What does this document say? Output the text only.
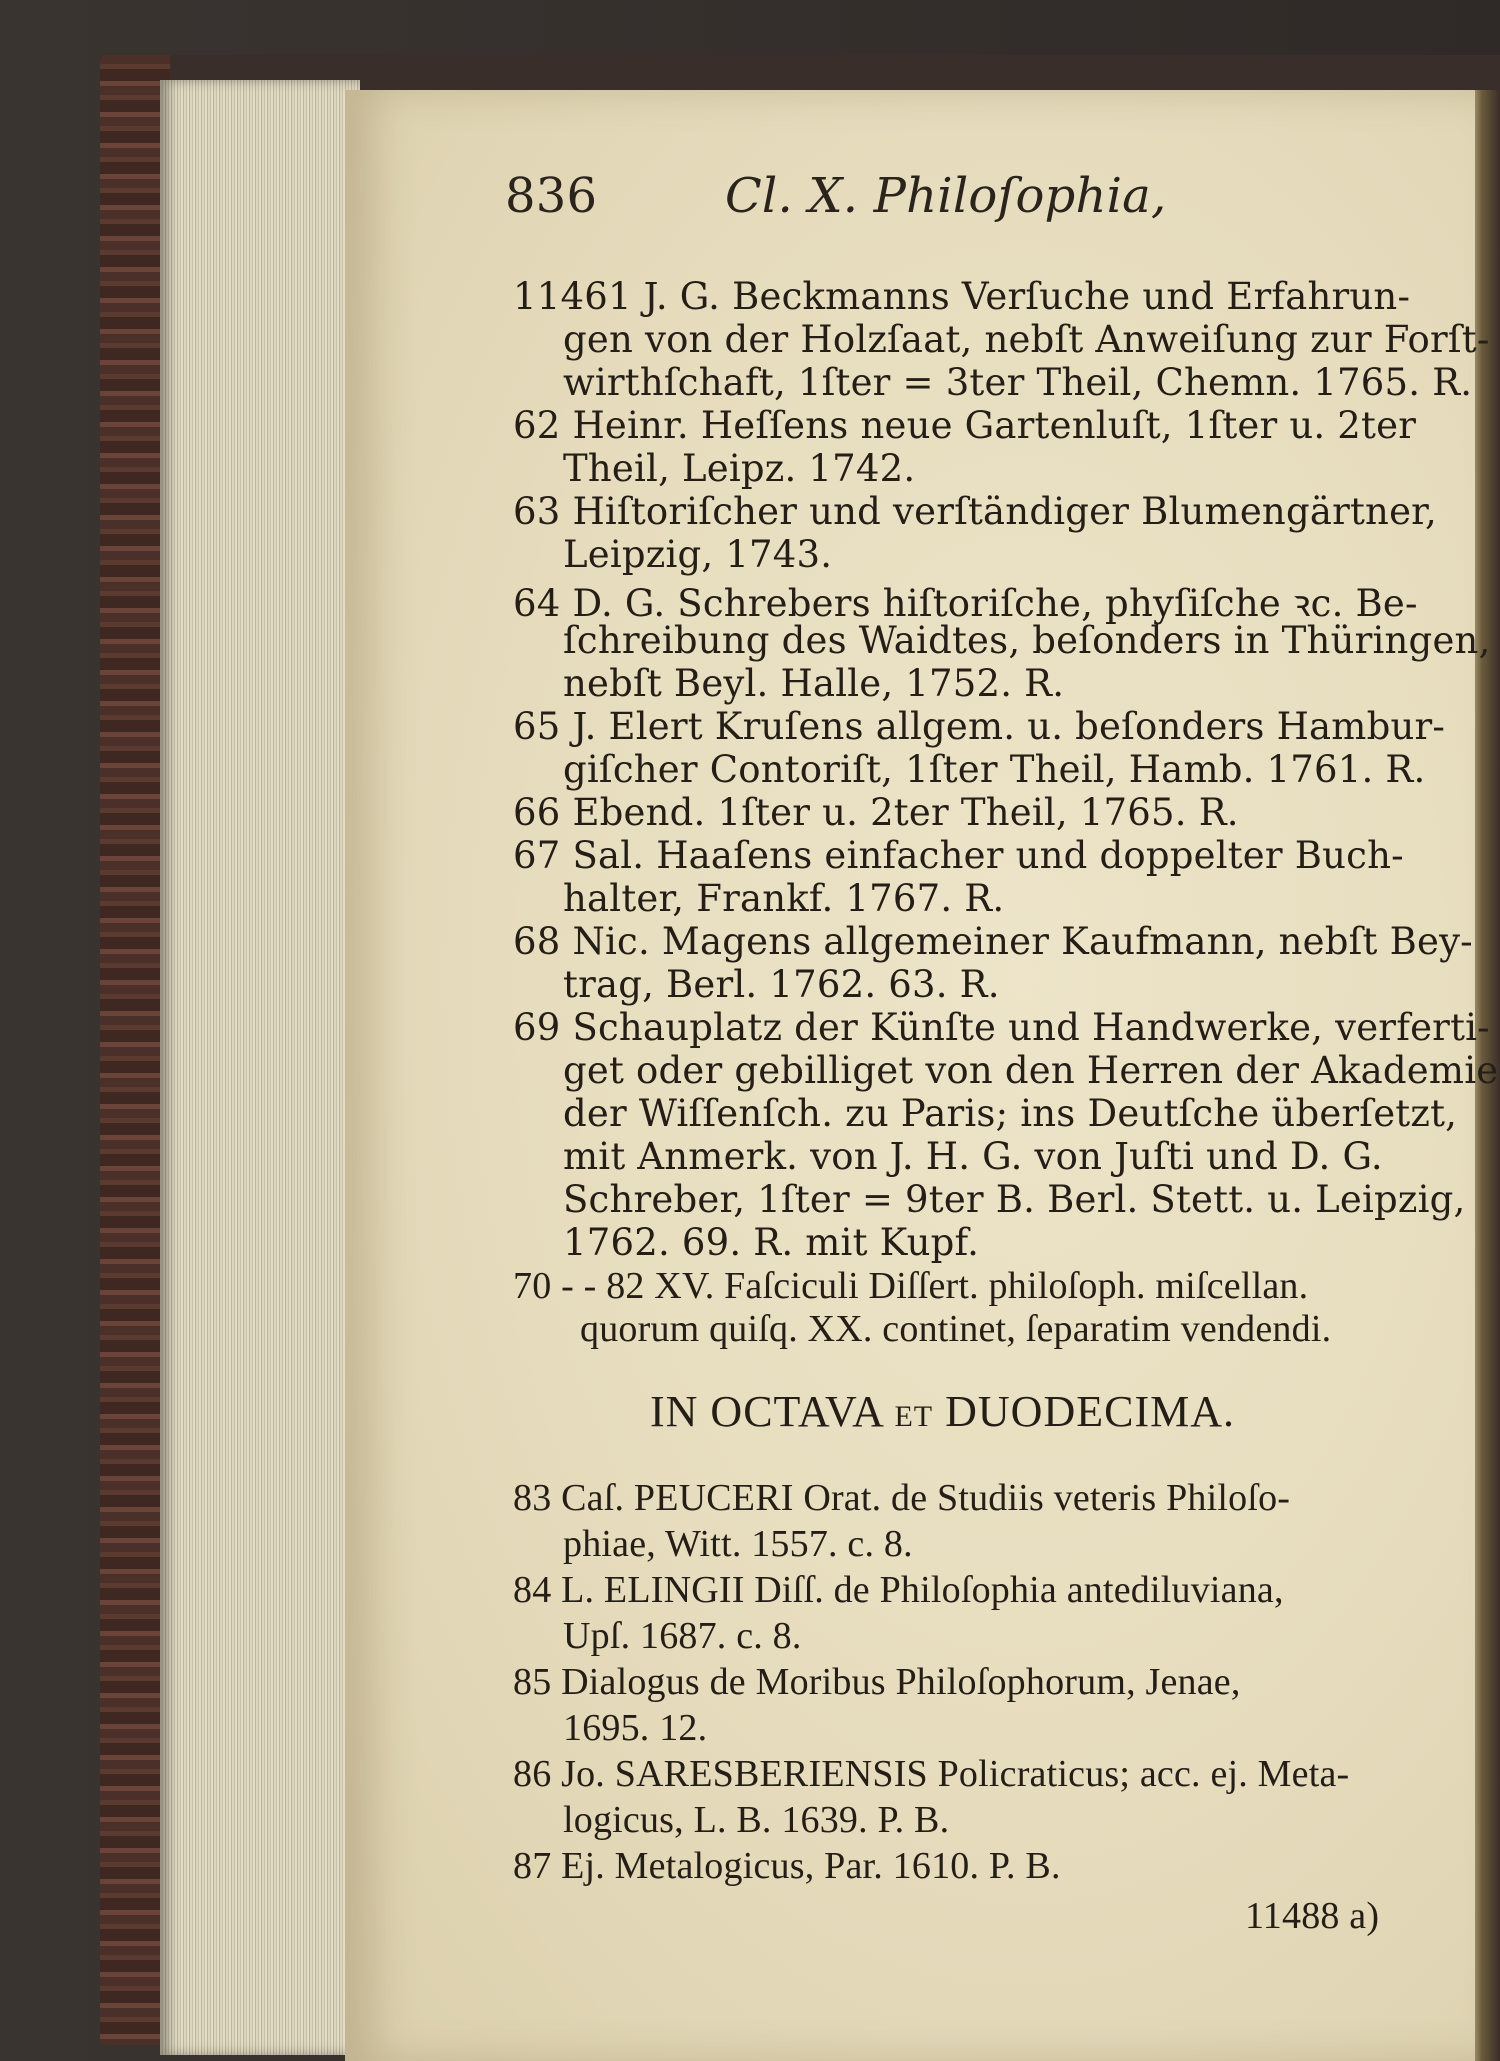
836	Cl. X. Philoſophia,
11461 J. G. Beckmanns Verſuche und Erfahrun-
gen von der Holzſaat, nebſt Anweiſung zur Forſt-
wirthſchaft, 1ſter = 3ter Theil, Chemn. 1765. R.
62 Heinr. Heſſens neue Gartenluſt, 1ſter u. 2ter
Theil, Leipz. 1742.
63 Hiſtoriſcher und verſtändiger Blumengärtner,
Leipzig, 1743.
64 D. G. Schrebers hiſtoriſche, phyſiſche ꝛc. Be-
ſchreibung des Waidtes, beſonders in Thüringen,
nebſt Beyl. Halle, 1752. R.
65 J. Elert Kruſens allgem. u. beſonders Hambur-
giſcher Contoriſt, 1ſter Theil, Hamb. 1761. R.
66 Ebend. 1ſter u. 2ter Theil, 1765. R.
67 Sal. Haaſens einfacher und doppelter Buch-
halter, Frankf. 1767. R.
68 Nic. Magens allgemeiner Kaufmann, nebſt Bey-
trag, Berl. 1762. 63. R.
69 Schauplatz der Künſte und Handwerke, verferti-
get oder gebilliget von den Herren der Akademie
der Wiſſenſch. zu Paris; ins Deutſche überſetzt,
mit Anmerk. von J. H. G. von Juſti und D. G.
Schreber, 1ſter = 9ter B. Berl. Stett. u. Leipzig,
1762. 69. R. mit Kupf.
70 - - 82 XV. Faſciculi Diſſert. philoſoph. miſcellan.
quorum quiſq. XX. continet, ſeparatim vendendi.
IN OCTAVA ET DUODECIMA.
83 Caſ. PEUCERI Orat. de Studiis veteris Philoſo-
phiae, Witt. 1557. c. 8.
84 L. ELINGII Diſſ. de Philoſophia antediluviana,
Upſ. 1687. c. 8.
85 Dialogus de Moribus Philoſophorum, Jenae,
1695. 12.
86 Jo. SARESBERIENSIS Policraticus; acc. ej. Meta-
logicus, L. B. 1639. P. B.
87 Ej. Metalogicus, Par. 1610. P. B.
11488 a)
